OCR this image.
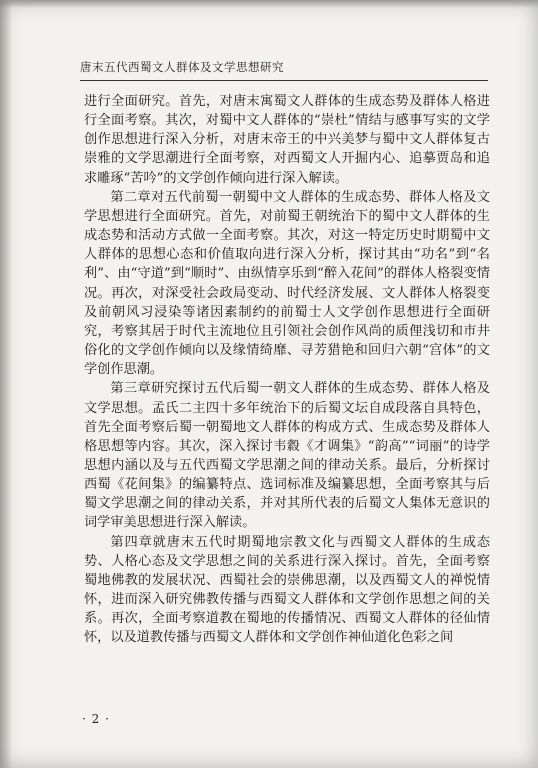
唐末五代西蜀文人群体及文学思想研究

进行全面研究。首先，对唐末寓蜀文人群体的生成态势及群体人格进行全面考察。其次，对蜀中文人群体的“崇杜”情结与感事写实的文学创作思想进行深入分析，对唐末帝王的中兴美梦与蜀中文人群体复古崇雅的文学思潮进行全面考察，对西蜀文人开掘内心、追摹贾岛和追求雕琢“苦吟”的文学创作倾向进行深入解读。

第二章对五代前蜀一朝蜀中文人群体的生成态势、群体人格及文学思想进行全面研究。首先，对前蜀王朝统治下的蜀中文人群体的生成态势和活动方式做一全面考察。其次，对这一特定历史时期蜀中文人群体的思想心态和价值取向进行深入分析，探讨其由“功名”到“名利”、由“守道”到“顺时”、由纵情享乐到“醉入花间”的群体人格裂变情况。再次，对深受社会政局变动、时代经济发展、文人群体人格裂变及前朝风习浸染等诸因素制约的前蜀士人文学创作思想进行全面研究，考察其居于时代主流地位且引领社会创作风尚的质俚浅切和市井俗化的文学创作倾向以及缘情绮靡、寻芳猎艳和回归六朝“宫体”的文学创作思潮。

第三章研究探讨五代后蜀一朝文人群体的生成态势、群体人格及文学思想。孟氏二主四十多年统治下的后蜀文坛自成段落自具特色，首先全面考察后蜀一朝蜀地文人群体的构成方式、生成态势及群体人格思想等内容。其次，深入探讨韦縠《才调集》“韵高”“词丽”的诗学思想内涵以及与五代西蜀文学思潮之间的律动关系。最后，分析探讨西蜀《花间集》的编纂特点、选词标准及编纂思想，全面考察其与后蜀文学思潮之间的律动关系，并对其所代表的后蜀文人集体无意识的词学审美思想进行深入解读。

第四章就唐末五代时期蜀地宗教文化与西蜀文人群体的生成态势、人格心态及文学思想之间的关系进行深入探讨。首先，全面考察蜀地佛教的发展状况、西蜀社会的崇佛思潮，以及西蜀文人的禅悦情怀，进而深入研究佛教传播与西蜀文人群体和文学创作思想之间的关系。再次，全面考察道教在蜀地的传播情况、西蜀文人群体的径仙情怀，以及道教传播与西蜀文人群体和文学创作神仙道化色彩之间

· 2 ·
